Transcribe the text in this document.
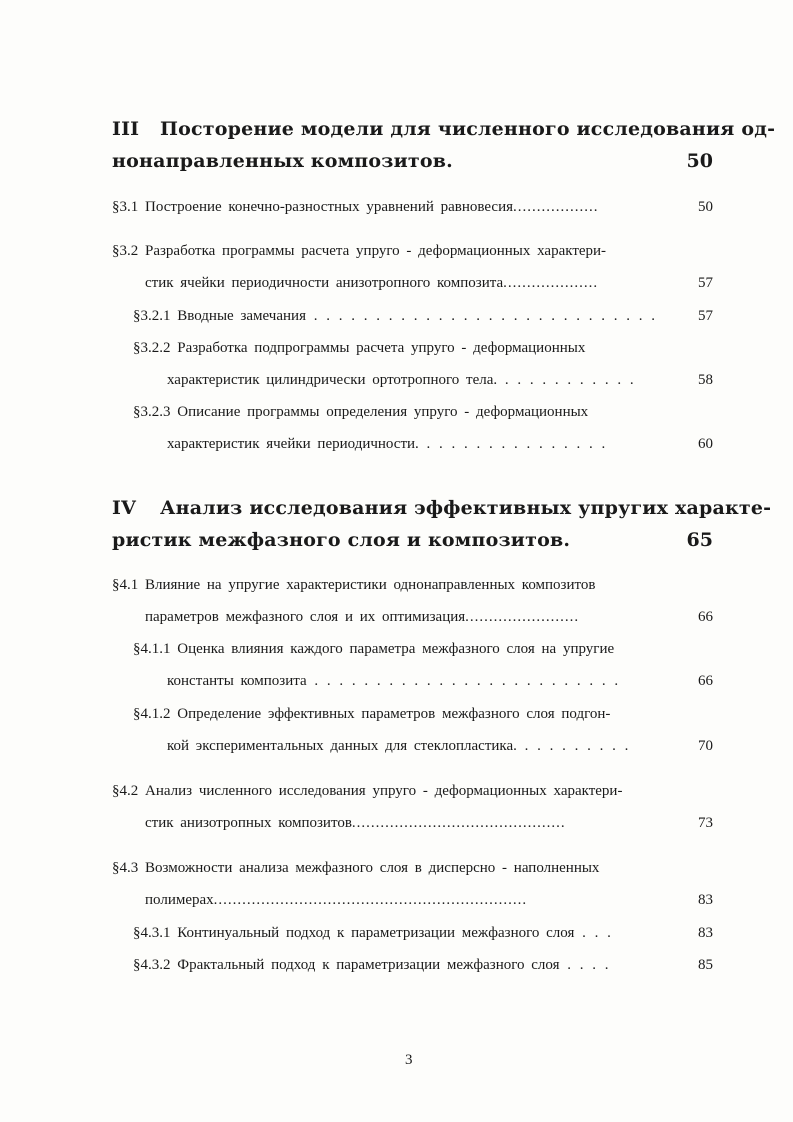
III Посторение модели для численного исследования од-
нонаправленных композитов.	50
§3.1 Построение конечно-разностных уравнений равновесия..................	50
§3.2 Разработка программы расчета упруго - деформационных характери-
стик ячейки периодичности анизотропного композита....................	57
§3.2.1 Вводные замечания . . . . . . . . . . . . . . . . . . . . . . . . . . . .	57
§3.2.2 Разработка подпрограммы расчета упруго - деформационных
характеристик цилиндрически ортотропного тела. . . . . . . . . . . .	58
§3.2.3 Описание программы определения упруго - деформационных
характеристик ячейки периодичности. . . . . . . . . . . . . . . .	60
IV Анализ исследования эффективных упругих характе-
ристик межфазного слоя и композитов.	65
§4.1 Влияние на упругие характеристики однонаправленных композитов
параметров межфазного слоя и их оптимизация........................	66
§4.1.1 Оценка влияния каждого параметра межфазного слоя на упругие
константы композита . . . . . . . . . . . . . . . . . . . . . . . . .	66
§4.1.2 Определение эффективных параметров межфазного слоя подгон-
кой экспериментальных данных для стеклопластика. . . . . . . . . .	70
§4.2 Анализ численного исследования упруго - деформационных характери-
стик анизотропных композитов.............................................	73
§4.3 Возможности анализа межфазного слоя в дисперсно - наполненных
полимерах..................................................................	83
§4.3.1 Континуальный подход к параметризации межфазного слоя . . .	83
§4.3.2 Фрактальный подход к параметризации межфазного слоя . . . .	85
3
